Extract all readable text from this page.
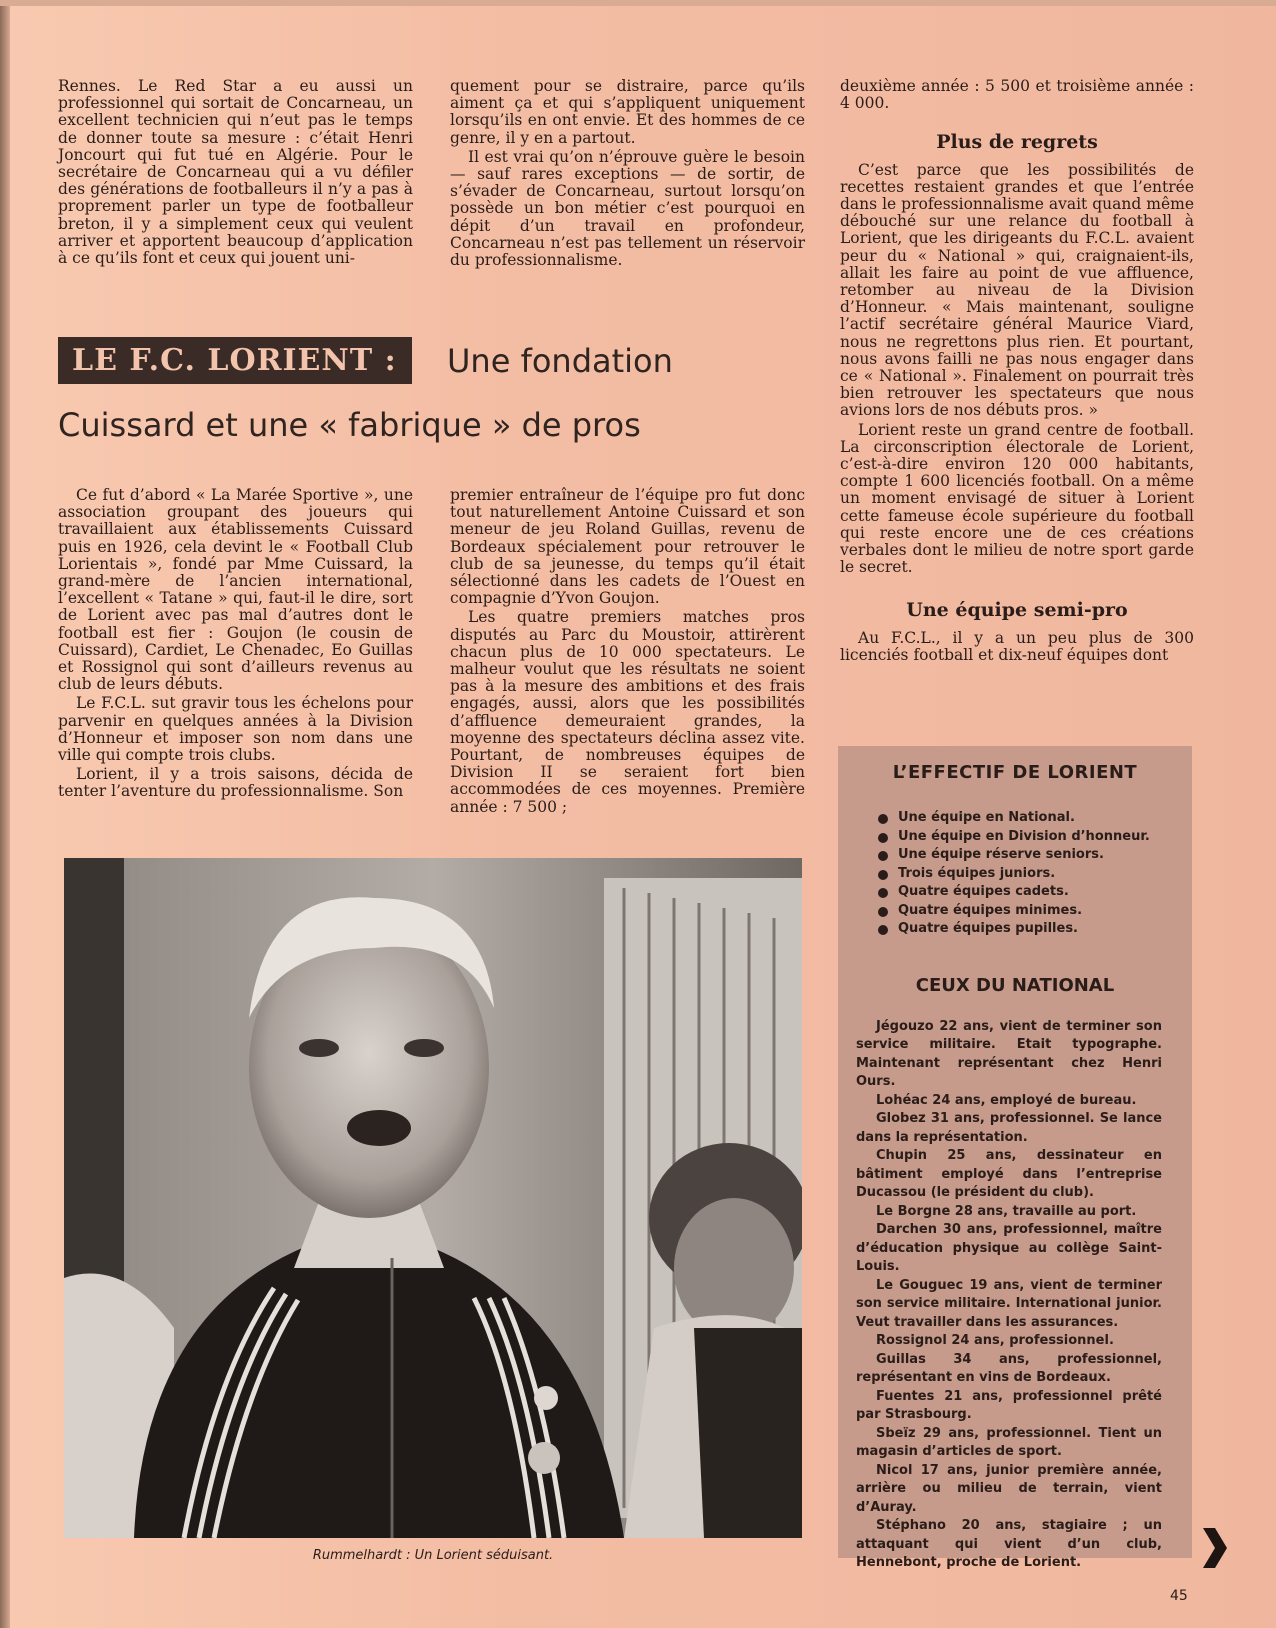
Rennes. Le Red Star a eu aussi un professionnel qui sortait de Concarneau, un excellent technicien qui n’eut pas le temps de donner toute sa mesure : c’était Henri Joncourt qui fut tué en Algérie. Pour le secrétaire de Concarneau qui a vu défiler des générations de footballeurs il n’y a pas à proprement parler un type de footballeur breton, il y a simplement ceux qui veulent arriver et apportent beaucoup d’application à ce qu’ils font et ceux qui jouent uni-

quement pour se distraire, parce qu’ils aiment ça et qui s’appliquent uniquement lorsqu’ils en ont envie. Et des hommes de ce genre, il y en a partout.

Il est vrai qu’on n’éprouve guère le besoin — sauf rares exceptions — de sortir, de s’évader de Concarneau, surtout lorsqu’on possède un bon métier c’est pourquoi en dépit d’un travail en profondeur, Concarneau n’est pas tellement un réservoir du professionnalisme.

deuxième année : 5 500 et troisième année : 4 000.

Plus de regrets

C’est parce que les possibilités de recettes restaient grandes et que l’entrée dans le professionnalisme avait quand même débouché sur une relance du football à Lorient, que les dirigeants du F.C.L. avaient peur du « National » qui, craignaient-ils, allait les faire au point de vue affluence, retomber au niveau de la Division d’Honneur. « Mais maintenant, souligne l’actif secrétaire général Maurice Viard, nous ne regrettons plus rien. Et pourtant, nous avons failli ne pas nous engager dans ce « National ». Finalement on pourrait très bien retrouver les spectateurs que nous avions lors de nos débuts pros. »

Lorient reste un grand centre de football. La circonscription électorale de Lorient, c’est-à-dire environ 120 000 habitants, compte 1 600 licenciés football. On a même un moment envisagé de situer à Lorient cette fameuse école supérieure du football qui reste encore une de ces créations verbales dont le milieu de notre sport garde le secret.

Une équipe semi-pro

Au F.C.L., il y a un peu plus de 300 licenciés football et dix-neuf équipes dont

LE F.C. LORIENT :	Une fondation
Cuissard et une « fabrique » de pros

Ce fut d’abord « La Marée Sportive », une association groupant des joueurs qui travaillaient aux établissements Cuissard puis en 1926, cela devint le « Football Club Lorientais », fondé par Mme Cuissard, la grand-mère de l’ancien international, l’excellent « Tatane » qui, faut-il le dire, sort de Lorient avec pas mal d’autres dont le football est fier : Goujon (le cousin de Cuissard), Cardiet, Le Chenadec, Eo Guillas et Rossignol qui sont d’ailleurs revenus au club de leurs débuts.

Le F.C.L. sut gravir tous les échelons pour parvenir en quelques années à la Division d’Honneur et imposer son nom dans une ville qui compte trois clubs.

Lorient, il y a trois saisons, décida de tenter l’aventure du professionnalisme. Son

premier entraîneur de l’équipe pro fut donc tout naturellement Antoine Cuissard et son meneur de jeu Roland Guillas, revenu de Bordeaux spécialement pour retrouver le club de sa jeunesse, du temps qu’il était sélectionné dans les cadets de l’Ouest en compagnie d’Yvon Goujon.

Les quatre premiers matches pros disputés au Parc du Moustoir, attirèrent chacun plus de 10 000 spectateurs. Le malheur voulut que les résultats ne soient pas à la mesure des ambitions et des frais engagés, aussi, alors que les possibilités d’affluence demeuraient grandes, la moyenne des spectateurs déclina assez vite. Pourtant, de nombreuses équipes de Division II se seraient fort bien accommodées de ces moyennes. Première année : 7 500 ;

Rummelhardt : Un Lorient séduisant.
L’EFFECTIF DE LORIENT
Une équipe en National.
Une équipe en Division d’honneur.
Une équipe réserve seniors.
Trois équipes juniors.
Quatre équipes cadets.
Quatre équipes minimes.
Quatre équipes pupilles.
CEUX DU NATIONAL

Jégouzo 22 ans, vient de terminer son service militaire. Etait typographe. Maintenant représentant chez Henri Ours.

Lohéac 24 ans, employé de bureau.

Globez 31 ans, professionnel. Se lance dans la représentation.

Chupin 25 ans, dessinateur en bâtiment employé dans l’entreprise Ducassou (le président du club).

Le Borgne 28 ans, travaille au port.

Darchen 30 ans, professionnel, maître d’éducation physique au collège Saint-Louis.

Le Gouguec 19 ans, vient de terminer son service militaire. International junior. Veut travailler dans les assurances.

Rossignol 24 ans, professionnel.

Guillas 34 ans, professionnel, représentant en vins de Bordeaux.

Fuentes 21 ans, professionnel prêté par Strasbourg.

Sbeïz 29 ans, professionnel. Tient un magasin d’articles de sport.

Nicol 17 ans, junior première année, arrière ou milieu de terrain, vient d’Auray.

Stéphano 20 ans, stagiaire ; un attaquant qui vient d’un club, Hennebont, proche de Lorient.

45
